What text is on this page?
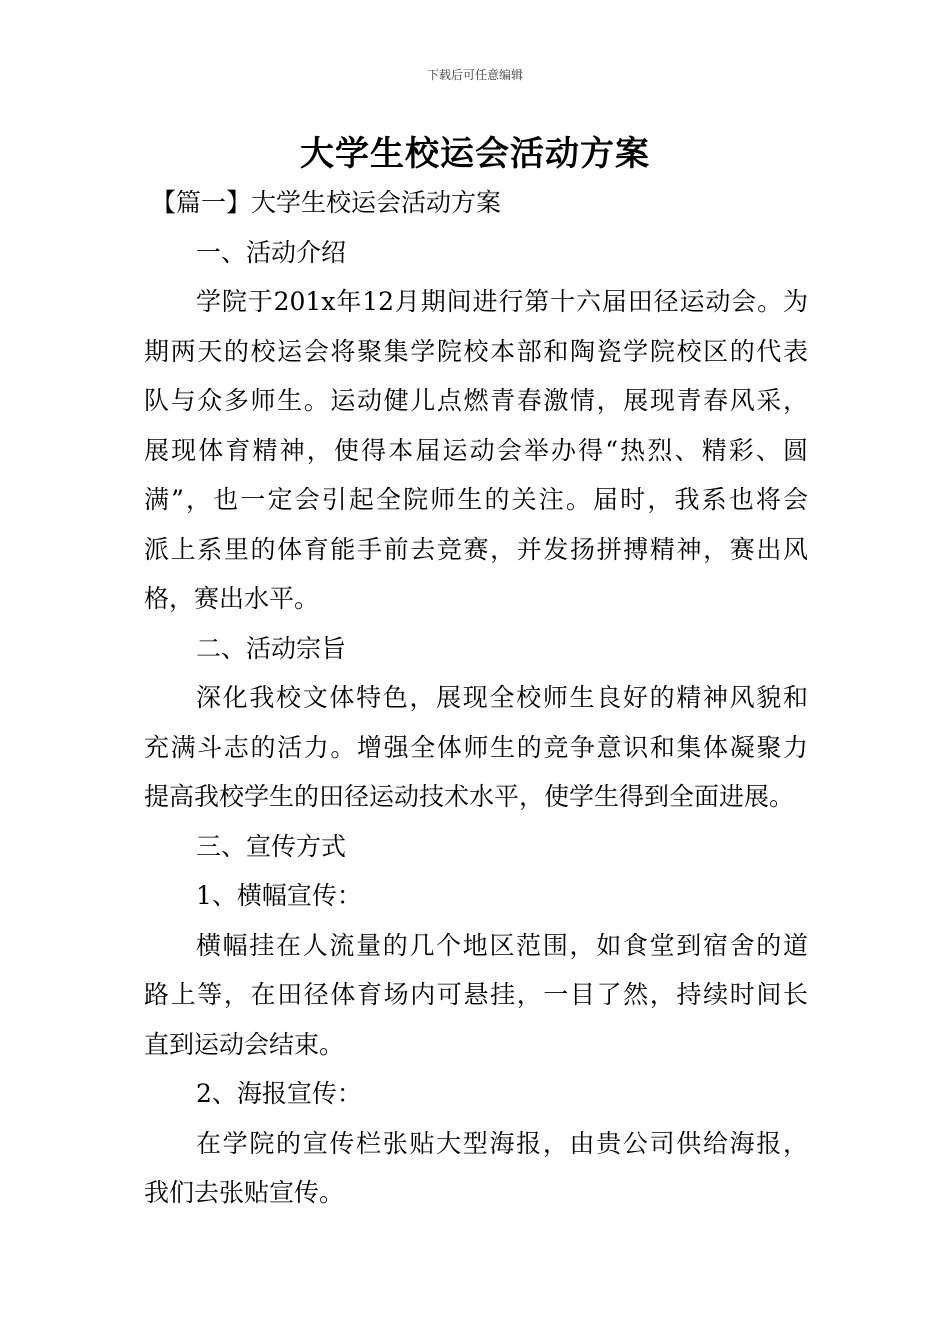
下载后可任意编辑
大学生校运会活动方案
【篇一】大学生校运会活动方案
一、活动介绍
学院于201x年12月期间进行第十六届田径运动会。为
期两天的校运会将聚集学院校本部和陶瓷学院校区的代表
队与众多师生。运动健儿点燃青春激情，展现青春风采，
展现体育精神，使得本届运动会举办得“热烈、精彩、圆
满”，也一定会引起全院师生的关注。届时，我系也将会
派上系里的体育能手前去竞赛，并发扬拼搏精神，赛出风
格，赛出水平。
二、活动宗旨
深化我校文体特色，展现全校师生良好的精神风貌和
充满斗志的活力。增强全体师生的竞争意识和集体凝聚力
提高我校学生的田径运动技术水平，使学生得到全面进展。
三、宣传方式
1、横幅宣传：
横幅挂在人流量的几个地区范围，如食堂到宿舍的道
路上等，在田径体育场内可悬挂，一目了然，持续时间长
直到运动会结束。
2、海报宣传：
在学院的宣传栏张贴大型海报，由贵公司供给海报，
我们去张贴宣传。
